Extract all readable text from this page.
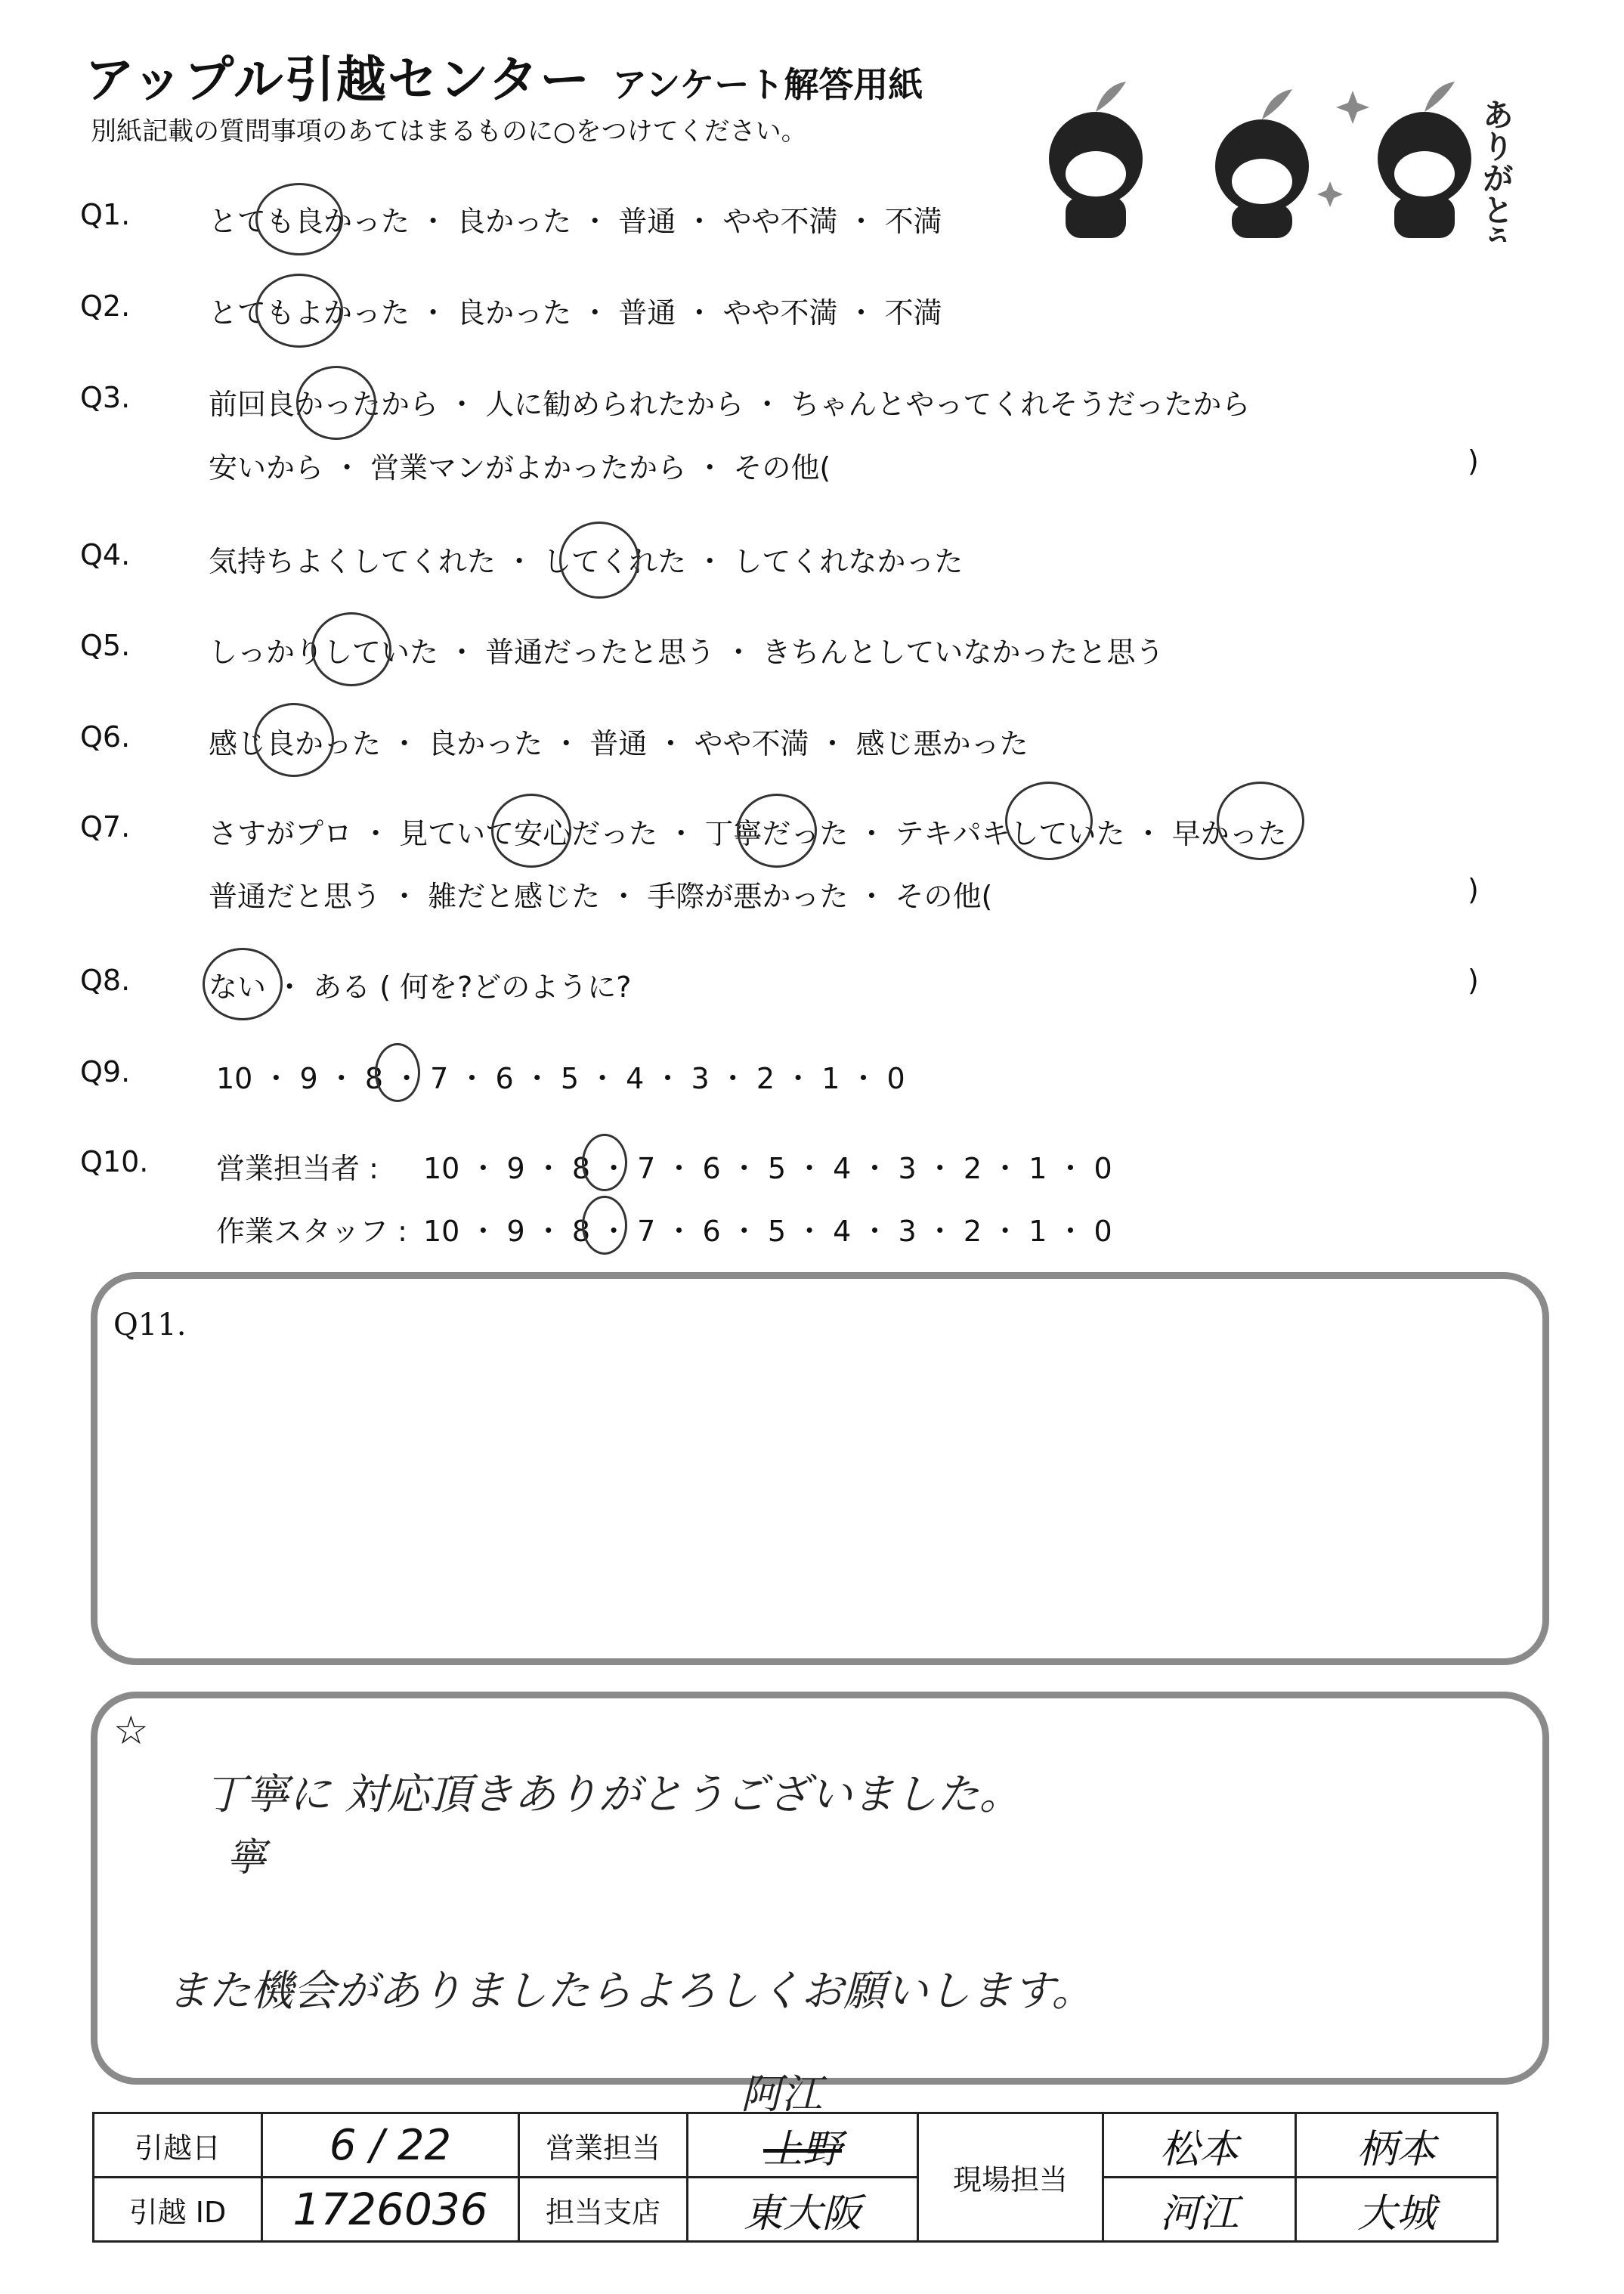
アップル引越センター アンケート解答用紙
別紙記載の質問事項のあてはまるものに○をつけてください。	ありがとう
Q1.	とても良かった ・ 良かった ・ 普通 ・ やや不満 ・ 不満
Q2.	とてもよかった ・ 良かった ・ 普通 ・ やや不満 ・ 不満
Q3.	前回良かったから ・ 人に勧められたから ・ ちゃんとやってくれそうだったから
安いから ・ 営業マンがよかったから ・ その他(	)
Q4.	気持ちよくしてくれた ・ してくれた ・ してくれなかった
Q5.	しっかりしていた ・ 普通だったと思う ・ きちんとしていなかったと思う
Q6.	感じ良かった ・ 良かった ・ 普通 ・ やや不満 ・ 感じ悪かった
Q7.	さすがプロ ・ 見ていて安心だった ・ 丁寧だった ・ テキパキしていた ・ 早かった
普通だと思う ・ 雑だと感じた ・ 手際が悪かった ・ その他(	)
Q8.	ない ・ ある ( 何を?どのように?	)
Q9.	10 ・ 9 ・ 8 ・ 7 ・ 6 ・ 5 ・ 4 ・ 3 ・ 2 ・ 1 ・ 0
Q10. 営業担当者 : 10 ・ 9 ・ 8 ・ 7 ・ 6 ・ 5 ・ 4 ・ 3 ・ 2 ・ 1 ・ 0
作業スタッフ : 10 ・ 9 ・ 8 ・ 7 ・ 6 ・ 5 ・ 4 ・ 3 ・ 2 ・ 1 ・ 0
Q11.
☆
丁寧に 対応頂きありがとうございました。
寧
また機会がありましたらよろしくお願いします。
阿江
引越日	6 / 22	営業担当	上野	現場担当	松本	柄本
引越 ID	1726036	担当支店	東大阪		河江	大城
